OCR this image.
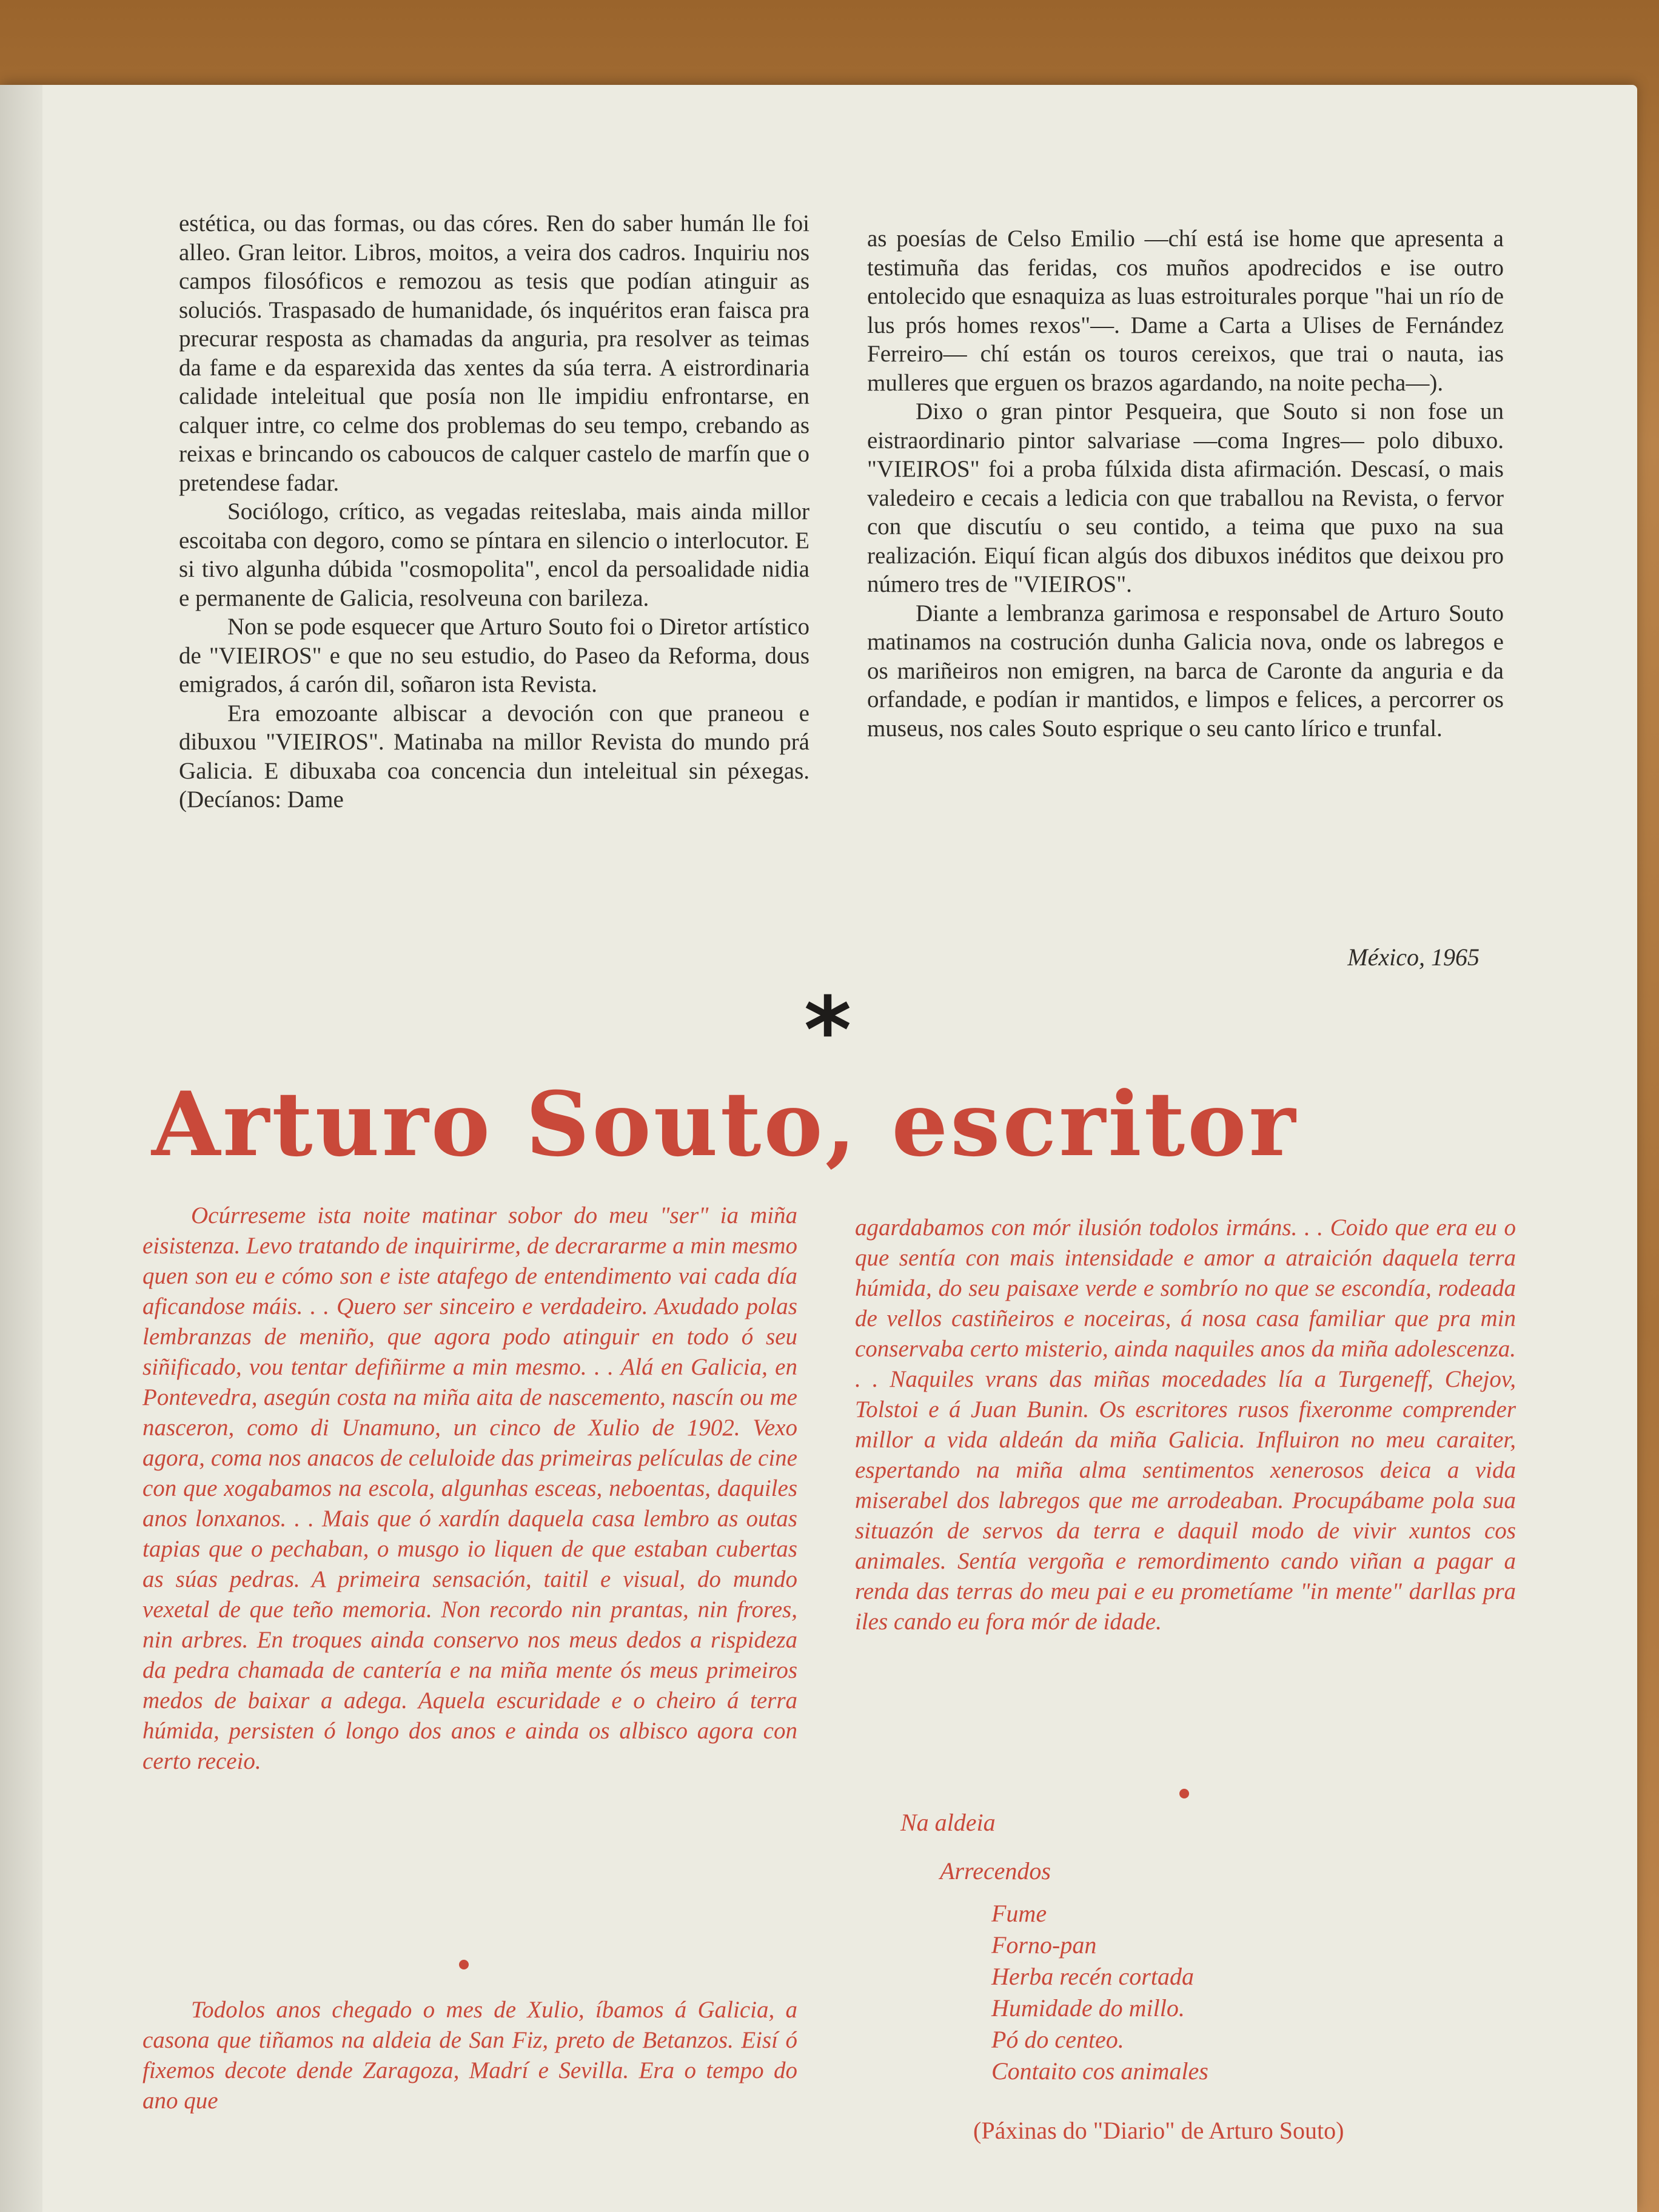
estética, ou das formas, ou das córes. Ren do saber humán lle foi alleo. Gran leitor. Libros, moitos, a veira dos cadros. Inquiriu nos campos filosóficos e remozou as tesis que podían atinguir as soluciós. Traspasado de humanidade, ós inquéritos eran faisca pra precurar resposta as chamadas da anguria, pra resolver as teimas da fame e da esparexida das xentes da súa terra. A eistrordinaria calidade inteleitual que posía non lle impidiu enfrontarse, en calquer intre, co celme dos problemas do seu tempo, crebando as reixas e brincando os caboucos de calquer castelo de marfín que o pretendese fadar.

Sociólogo, crítico, as vegadas reiteslaba, mais ainda millor escoitaba con degoro, como se píntara en silencio o interlocutor. E si tivo algunha dúbida "cosmopolita", encol da persoalidade nidia e permanente de Galicia, resolveuna con barileza.

Non se pode esquecer que Arturo Souto foi o Diretor artístico de "VIEIROS" e que no seu estudio, do Paseo da Reforma, dous emigrados, á carón dil, soñaron ista Revista.

Era emozoante albiscar a devoción con que praneou e dibuxou "VIEIROS". Matinaba na millor Revista do mundo prá Galicia. E dibuxaba coa concencia dun inteleitual sin péxegas. (Decíanos: Dame

as poesías de Celso Emilio —chí está ise home que apresenta a testimuña das feridas, cos muños apodrecidos e ise outro entolecido que esnaquiza as luas estroiturales porque "hai un río de lus prós homes rexos"—. Dame a Carta a Ulises de Fernández Ferreiro— chí están os touros cereixos, que trai o nauta, ias mulleres que erguen os brazos agardando, na noite pecha—).

Dixo o gran pintor Pesqueira, que Souto si non fose un eistraordinario pintor salvariase —coma Ingres— polo dibuxo. "VIEIROS" foi a proba fúlxida dista afirmación. Descasí, o mais valedeiro e cecais a ledicia con que traballou na Revista, o fervor con que discutíu o seu contido, a teima que puxo na sua realización. Eiquí fican algús dos dibuxos inéditos que deixou pro número tres de "VIEIROS".

Diante a lembranza garimosa e responsabel de Arturo Souto matinamos na costrución dunha Galicia nova, onde os labregos e os mariñeiros non emigren, na barca de Caronte da anguria e da orfandade, e podían ir mantidos, e limpos e felices, a percorrer os museus, nos cales Souto esprique o seu canto lírico e trunfal.

México, 1965
*
Arturo Souto, escritor

Ocúrreseme ista noite matinar sobor do meu "ser" ia miña eisistenza. Levo tratando de inquirirme, de decrararme a min mesmo quen son eu e cómo son e iste atafego de entendimento vai cada día aficandose máis. . . Quero ser sinceiro e verdadeiro. Axudado polas lembranzas de meniño, que agora podo atinguir en todo ó seu siñificado, vou tentar defiñirme a min mesmo. . . Alá en Galicia, en Pontevedra, asegún costa na miña aita de nascemento, nascín ou me nasceron, como di Unamuno, un cinco de Xulio de 1902. Vexo agora, coma nos anacos de celuloide das primeiras películas de cine con que xogabamos na escola, algunhas esceas, neboentas, daquiles anos lonxanos. . . Mais que ó xardín daquela casa lembro as outas tapias que o pechaban, o musgo io liquen de que estaban cubertas as súas pedras. A primeira sensación, taitil e visual, do mundo vexetal de que teño memoria. Non recordo nin prantas, nin frores, nin arbres. En troques ainda conservo nos meus dedos a rispideza da pedra chamada de cantería e na miña mente ós meus primeiros medos de baixar a adega. Aquela escuridade e o cheiro á terra húmida, persisten ó longo dos anos e ainda os albisco agora con certo receio.

Todolos anos chegado o mes de Xulio, íbamos á Galicia, a casona que tiñamos na aldeia de San Fiz, preto de Betanzos. Eisí ó fixemos decote dende Zaragoza, Madrí e Sevilla. Era o tempo do ano que

agardabamos con mór ilusión todolos irmáns. . . Coido que era eu o que sentía con mais intensidade e amor a atraición daquela terra húmida, do seu paisaxe verde e sombrío no que se escondía, rodeada de vellos castiñeiros e noceiras, á nosa casa familiar que pra min conservaba certo misterio, ainda naquiles anos da miña adolescenza. . . Naquiles vrans das miñas mocedades lía a Turgeneff, Chejov, Tolstoi e á Juan Bunin. Os escritores rusos fixeronme comprender millor a vida aldeán da miña Galicia. Influiron no meu caraiter, espertando na miña alma sentimentos xenerosos deica a vida miserabel dos labregos que me arrodeaban. Procupábame pola sua situazón de servos da terra e daquil modo de vivir xuntos cos animales. Sentía vergoña e remordimento cando viñan a pagar a renda das terras do meu pai e eu prometíame "in mente" darllas pra iles cando eu fora mór de idade.

Na aldeia
Arrecendos
Fume
Forno-pan
Herba recén cortada
Humidade do millo.
Pó do centeo.
Contaito cos animales
(Páxinas do "Diario" de Arturo Souto)
